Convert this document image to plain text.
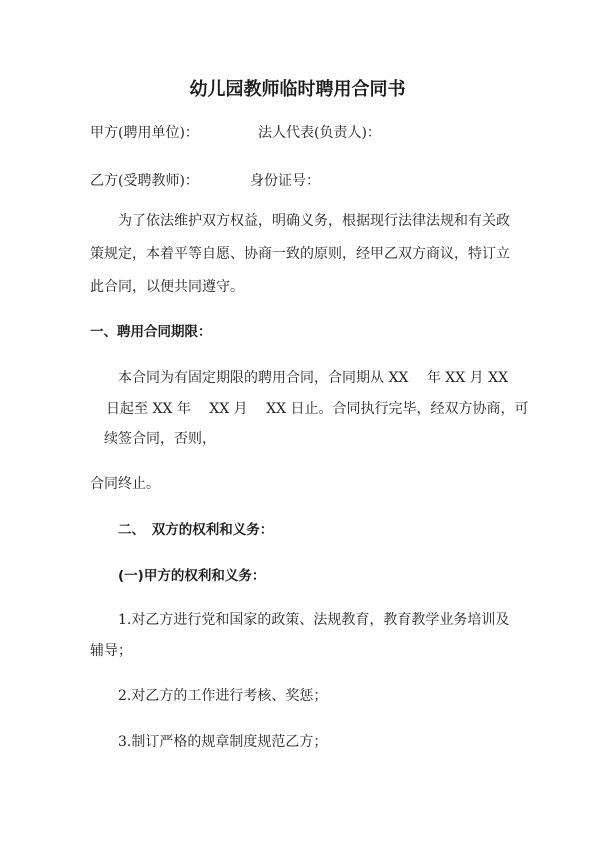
幼儿园教师临时聘用合同书
甲方(聘用单位)：	法人代表(负责人)：
乙方(受聘教师)：	身份证号：
为了依法维护双方权益，明确义务，根据现行法律法规和有关政
策规定，本着平等自愿、协商一致的原则，经甲乙双方商议，特订立
此合同，以便共同遵守。
一、聘用合同期限：
本合同为有固定期限的聘用合同，合同期从 XX　 年 XX 月 XX
日起至 XX 年　 XX 月　 XX 日止。合同执行完毕，经双方协商，可
续签合同，否则，
合同终止。
二、　双方的权利和义务：
(一)甲方的权利和义务：
1.对乙方进行党和国家的政策、法规教育，教育教学业务培训及
辅导；
2.对乙方的工作进行考核、奖惩；
3.制订严格的规章制度规范乙方；
